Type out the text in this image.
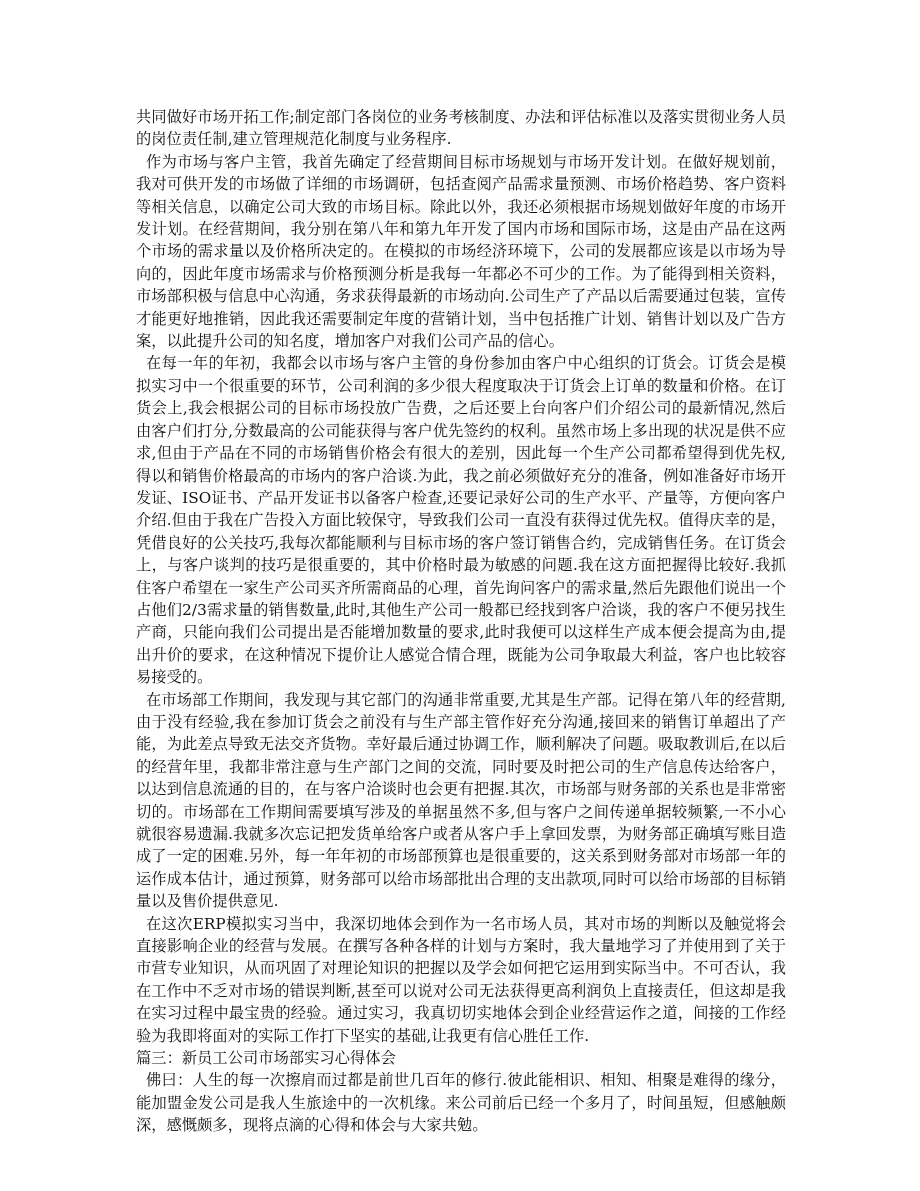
共同做好市场开拓工作;制定部门各岗位的业务考核制度、办法和评估标准以及落实贯彻业务人员的岗位责任制,建立管理规范化制度与业务程序.

作为市场与客户主管，我首先确定了经营期间目标市场规划与市场开发计划。在做好规划前，我对可供开发的市场做了详细的市场调研，包括查阅产品需求量预测、市场价格趋势、客户资料等相关信息，以确定公司大致的市场目标。除此以外，我还必须根据市场规划做好年度的市场开发计划。在经营期间，我分别在第八年和第九年开发了国内市场和国际市场，这是由产品在这两个市场的需求量以及价格所决定的。在模拟的市场经济环境下，公司的发展都应该是以市场为导向的，因此年度市场需求与价格预测分析是我每一年都必不可少的工作。为了能得到相关资料，市场部积极与信息中心沟通，务求获得最新的市场动向.公司生产了产品以后需要通过包装，宣传才能更好地推销，因此我还需要制定年度的营销计划，当中包括推广计划、销售计划以及广告方案，以此提升公司的知名度，增加客户对我们公司产品的信心。

在每一年的年初，我都会以市场与客户主管的身份参加由客户中心组织的订货会。订货会是模拟实习中一个很重要的环节，公司利润的多少很大程度取决于订货会上订单的数量和价格。在订货会上,我会根据公司的目标市场投放广告费，之后还要上台向客户们介绍公司的最新情况,然后由客户们打分,分数最高的公司能获得与客户优先签约的权利。虽然市场上多出现的状况是供不应求,但由于产品在不同的市场销售价格会有很大的差别，因此每一个生产公司都希望得到优先权,得以和销售价格最高的市场内的客户洽谈.为此，我之前必须做好充分的准备，例如准备好市场开发证、ISO证书、产品开发证书以备客户检查,还要记录好公司的生产水平、产量等，方便向客户介绍.但由于我在广告投入方面比较保守，导致我们公司一直没有获得过优先权。值得庆幸的是，凭借良好的公关技巧,我每次都能顺利与目标市场的客户签订销售合约，完成销售任务。在订货会上，与客户谈判的技巧是很重要的，其中价格时最为敏感的问题.我在这方面把握得比较好.我抓住客户希望在一家生产公司买齐所需商品的心理，首先询问客户的需求量,然后先跟他们说出一个占他们2/3需求量的销售数量,此时,其他生产公司一般都已经找到客户洽谈，我的客户不便另找生产商，只能向我们公司提出是否能增加数量的要求,此时我便可以这样生产成本便会提高为由,提出升价的要求，在这种情况下提价让人感觉合情合理，既能为公司争取最大利益，客户也比较容易接受的。

在市场部工作期间，我发现与其它部门的沟通非常重要,尤其是生产部。记得在第八年的经营期,由于没有经验,我在参加订货会之前没有与生产部主管作好充分沟通,接回来的销售订单超出了产能，为此差点导致无法交齐货物。幸好最后通过协调工作，顺利解决了问题。吸取教训后,在以后的经营年里，我都非常注意与生产部门之间的交流，同时要及时把公司的生产信息传达给客户，以达到信息流通的目的，在与客户洽谈时也会更有把握.其次，市场部与财务部的关系也是非常密切的。市场部在工作期间需要填写涉及的单据虽然不多,但与客户之间传递单据较频繁,一不小心就很容易遗漏.我就多次忘记把发货单给客户或者从客户手上拿回发票，为财务部正确填写账目造成了一定的困难.另外，每一年年初的市场部预算也是很重要的，这关系到财务部对市场部一年的运作成本估计，通过预算，财务部可以给市场部批出合理的支出款项,同时可以给市场部的目标销量以及售价提供意见.

在这次ERP模拟实习当中，我深切地体会到作为一名市场人员，其对市场的判断以及触觉将会直接影响企业的经营与发展。在撰写各种各样的计划与方案时，我大量地学习了并使用到了关于市营专业知识，从而巩固了对理论知识的把握以及学会如何把它运用到实际当中。不可否认，我在工作中不乏对市场的错误判断,甚至可以说对公司无法获得更高利润负上直接责任，但这却是我在实习过程中最宝贵的经验。通过实习，我真切切实地体会到企业经营运作之道，间接的工作经验为我即将面对的实际工作打下坚实的基础,让我更有信心胜任工作.

篇三：新员工公司市场部实习心得体会

佛曰：人生的每一次擦肩而过都是前世几百年的修行.彼此能相识、相知、相聚是难得的缘分，能加盟金发公司是我人生旅途中的一次机缘。来公司前后已经一个多月了，时间虽短，但感触颇深，感慨颇多，现将点滴的心得和体会与大家共勉。
